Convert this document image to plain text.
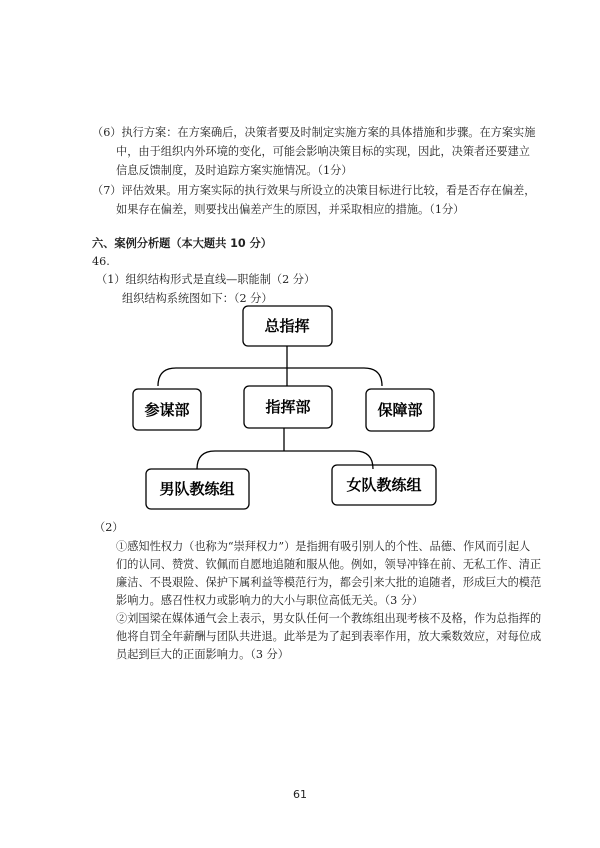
（6）执行方案：在方案确后，决策者要及时制定实施方案的具体措施和步骤。在方案实施
中，由于组织内外环境的变化，可能会影响决策目标的实现，因此，决策者还要建立
信息反馈制度，及时追踪方案实施情况。（1分）
（7）评估效果。用方案实际的执行效果与所设立的决策目标进行比较，看是否存在偏差，
如果存在偏差，则要找出偏差产生的原因，并采取相应的措施。（1分）
六、案例分析题（本大题共 10 分）
46.
（1）组织结构形式是直线—职能制（2 分）
组织结构系统图如下：（2 分）
总指挥
参谋部	指挥部	保障部
男队教练组	女队教练组
（2）
①感知性权力（也称为“崇拜权力”）是指拥有吸引别人的个性、品德、作风而引起人
们的认同、赞赏、钦佩而自愿地追随和服从他。例如，领导冲锋在前、无私工作、清正
廉洁、不畏艰险、保护下属利益等模范行为，都会引来大批的追随者，形成巨大的模范
影响力。感召性权力或影响力的大小与职位高低无关。（3 分）
②刘国梁在媒体通气会上表示，男女队任何一个教练组出现考核不及格，作为总指挥的
他将自罚全年薪酬与团队共进退。此举是为了起到表率作用，放大乘数效应，对每位成
员起到巨大的正面影响力。（3 分）
61
